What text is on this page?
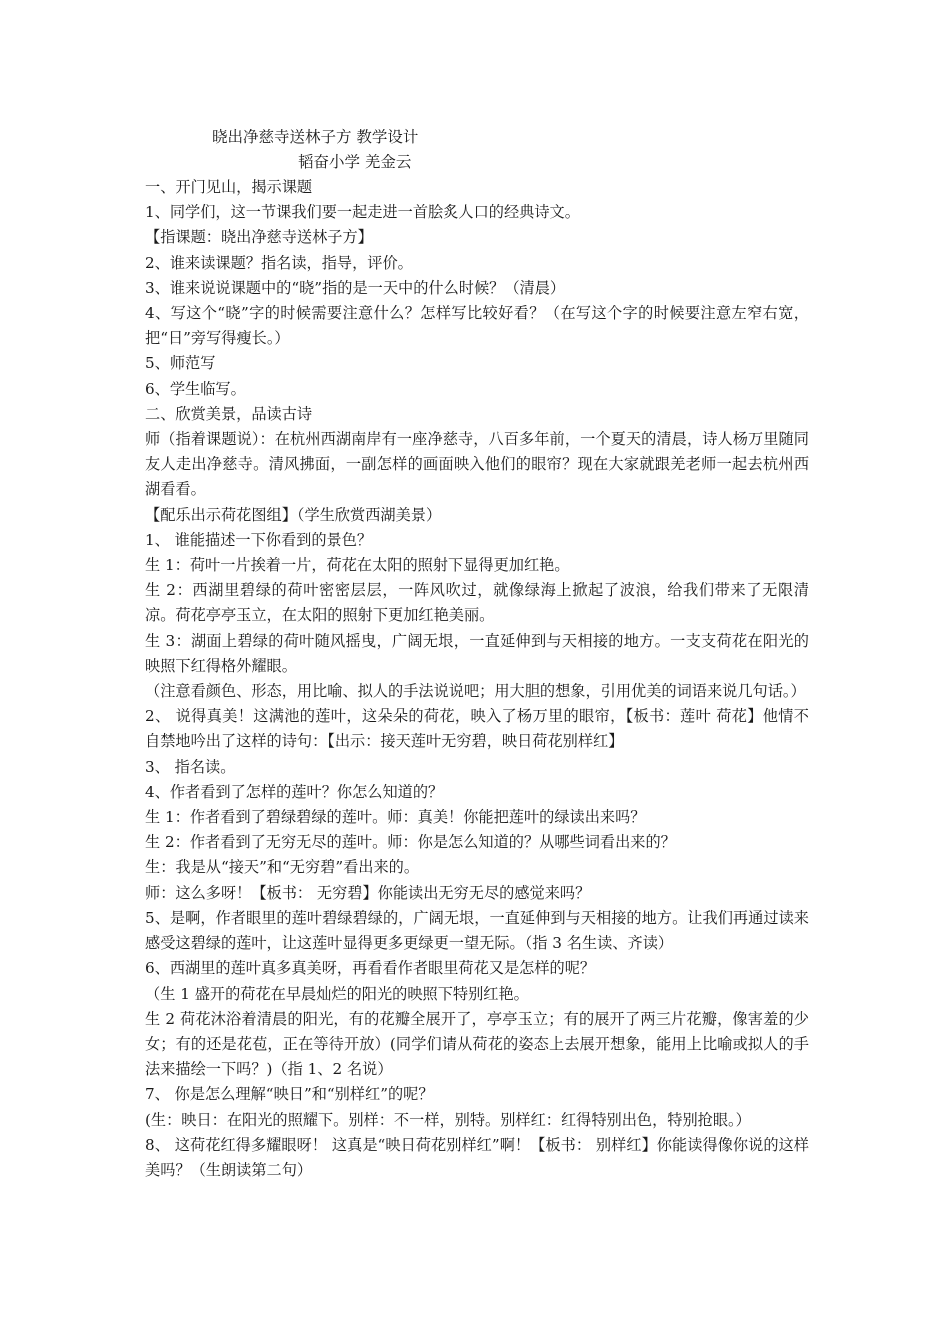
晓出净慈寺送林子方 教学设计
韬奋小学 羌金云

一、开门见山，揭示课题

1、同学们，这一节课我们要一起走进一首脍炙人口的经典诗文。

【指课题：晓出净慈寺送林子方】

2、谁来读课题？指名读，指导，评价。

3、谁来说说课题中的“晓”指的是一天中的什么时候？（清晨）

4、写这个“晓”字的时候需要注意什么？怎样写比较好看？（在写这个字的时候要注意左窄右宽，把“日”旁写得瘦长。）

5、师范写

6、学生临写。

二、欣赏美景，品读古诗

师（指着课题说）：在杭州西湖南岸有一座净慈寺，八百多年前，一个夏天的清晨，诗人杨万里随同友人走出净慈寺。清风拂面，一副怎样的画面映入他们的眼帘？现在大家就跟羌老师一起去杭州西湖看看。

【配乐出示荷花图组】（学生欣赏西湖美景）

1、 谁能描述一下你看到的景色？

生 1：荷叶一片挨着一片，荷花在太阳的照射下显得更加红艳。

生 2：西湖里碧绿的荷叶密密层层，一阵风吹过，就像绿海上掀起了波浪，给我们带来了无限清凉。荷花亭亭玉立，在太阳的照射下更加红艳美丽。

生 3：湖面上碧绿的荷叶随风摇曳，广阔无垠，一直延伸到与天相接的地方。一支支荷花在阳光的映照下红得格外耀眼。

（注意看颜色、形态，用比喻、拟人的手法说说吧；用大胆的想象，引用优美的词语来说几句话。）

2、 说得真美！这满池的莲叶，这朵朵的荷花，映入了杨万里的眼帘，【板书：莲叶 荷花】他情不自禁地吟出了这样的诗句：【出示：接天莲叶无穷碧，映日荷花别样红】

3、 指名读。

4、作者看到了怎样的莲叶？你怎么知道的？

生 1：作者看到了碧绿碧绿的莲叶。师：真美！你能把莲叶的绿读出来吗？

生 2：作者看到了无穷无尽的莲叶。师：你是怎么知道的？从哪些词看出来的？

生：我是从“接天”和“无穷碧”看出来的。

师：这么多呀！【板书： 无穷碧】你能读出无穷无尽的感觉来吗？

5、是啊，作者眼里的莲叶碧绿碧绿的，广阔无垠，一直延伸到与天相接的地方。让我们再通过读来感受这碧绿的莲叶，让这莲叶显得更多更绿更一望无际。（指 3 名生读、齐读）

6、西湖里的莲叶真多真美呀，再看看作者眼里荷花又是怎样的呢？

（生 1 盛开的荷花在早晨灿烂的阳光的映照下特别红艳。

生 2 荷花沐浴着清晨的阳光，有的花瓣全展开了，亭亭玉立；有的展开了两三片花瓣，像害羞的少女；有的还是花苞，正在等待开放）(同学们请从荷花的姿态上去展开想象，能用上比喻或拟人的手法来描绘一下吗？)（指 1、2 名说）

7、 你是怎么理解“映日”和“别样红”的呢？

(生：映日：在阳光的照耀下。别样：不一样，别特。别样红：红得特别出色，特别抢眼。）

8、 这荷花红得多耀眼呀！ 这真是“映日荷花别样红”啊！【板书： 别样红】你能读得像你说的这样美吗？（生朗读第二句）
